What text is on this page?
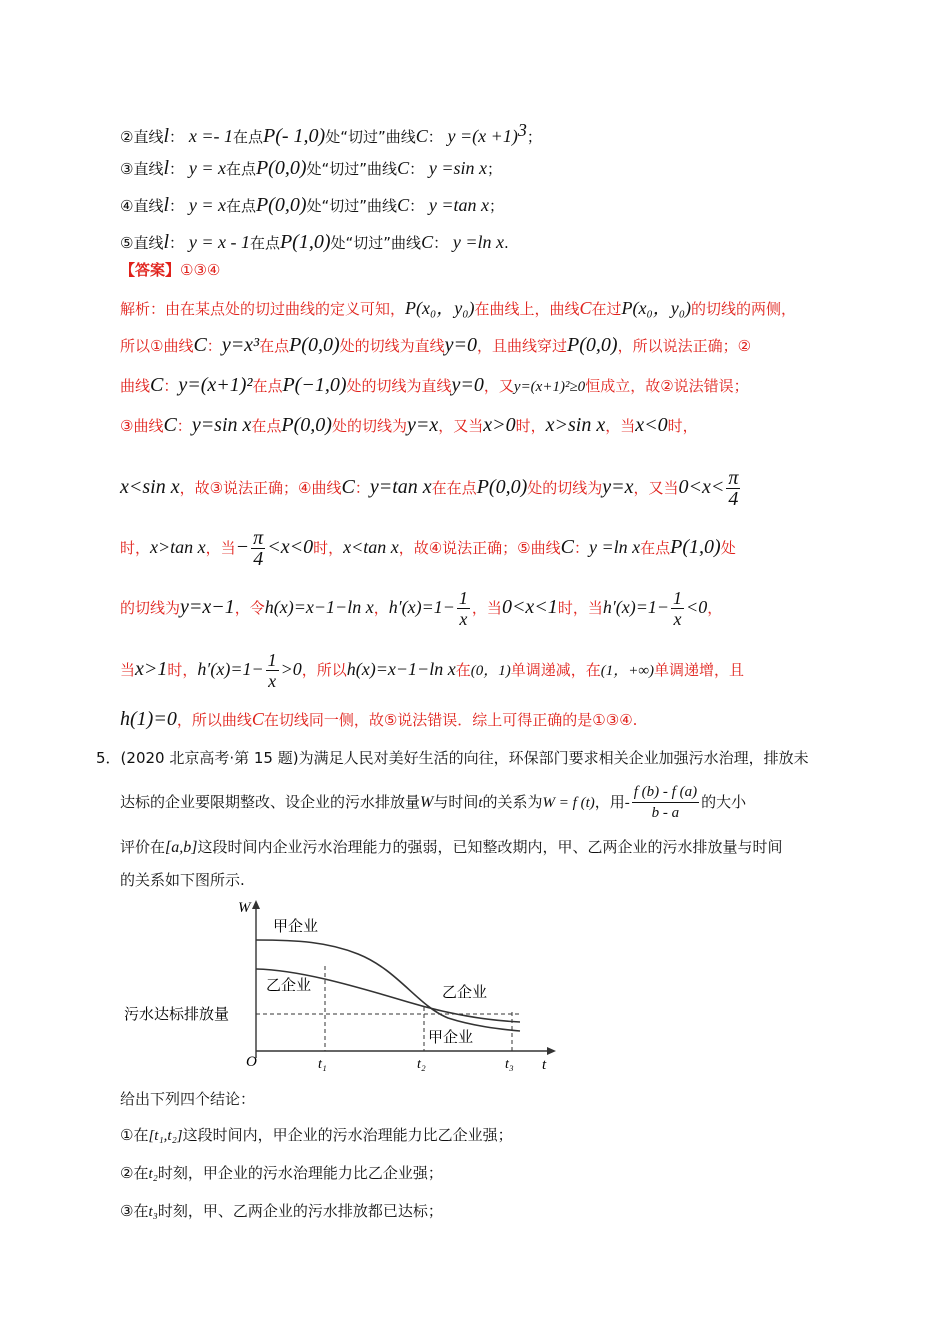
②直线l： x =- 1在点P(- 1,0)处“切过”曲线C： $y =(x +1)^3$；
③直线l： y = x在点P(0,0)处“切过”曲线C： y =sin x；
④直线l： y = x在点P(0,0)处“切过”曲线C： y =tan x；
⑤直线l： y = x - 1在点P(1,0)处“切过”曲线C： y =ln x.
【答案】①③④
解析：由在某点处的切过曲线的定义可知，P(x₀，y₀)在曲线上，曲线C在过P(x₀，y₀)的切线的两侧，
所以①曲线C：y=x³在点P(0,0)处的切线为直线y=0，且曲线穿过P(0,0)，所以说法正确；②
曲线C：y=(x+1)²在点P(−1,0)处的切线为直线y=0，又y=(x+1)²≥0恒成立，故②说法错误；
③曲线C：y=sin x在点P(0,0)处的切线为y=x，又当x>0时，x>sin x，当x<0时，
x<sin x，故③说法正确；④曲线C：y=tan x在在点P(0,0)处的切线为y=x，又当$0<x< \frac{\pi}{4}$
时，x>tan x，当− $\frac{\pi}{4} <x<0$时，x<tan x，故④说法正确；⑤曲线C：y =ln x在点P(1,0)处
的切线为y=x−1，令h(x)=x−1−ln x，$h'(x)=1- \frac{1}{x}$ ，当0<x<1时，当$h'(x)=1- \frac{1}{x} <0$，
当x>1时，$h'(x)=1- \frac{1}{x} >0$，所以h(x)=x−1−ln x在(0，1)单调递减，在(1，+∞)单调递增，且
h(1)=0，所以曲线C在切线同一侧，故⑤说法错误．综上可得正确的是①③④.
5．(2020 北京高考·第 15 题)为满足人民对美好生活的向往，环保部门要求相关企业加强污水治理，排放未
达标的企业要限期整改、设企业的污水排放量W与时间t的关系为W = f (t)，用- $\frac{f (b) - f (a)}{b - a}$ 的大小
评价在[a,b]这段时间内企业污水治理能力的强弱，已知整改期内，甲、乙两企业的污水排放量与时间
的关系如下图所示.
W
t
O	t₁	t₂	t₃
污水达标排放量
甲企业
乙企业	乙企业
甲企业
给出下列四个结论：
①在[t₁,t₂]这段时间内，甲企业的污水治理能力比乙企业强；
②在t₂时刻，甲企业的污水治理能力比乙企业强；
③在t₃时刻，甲、乙两企业的污水排放都已达标；
